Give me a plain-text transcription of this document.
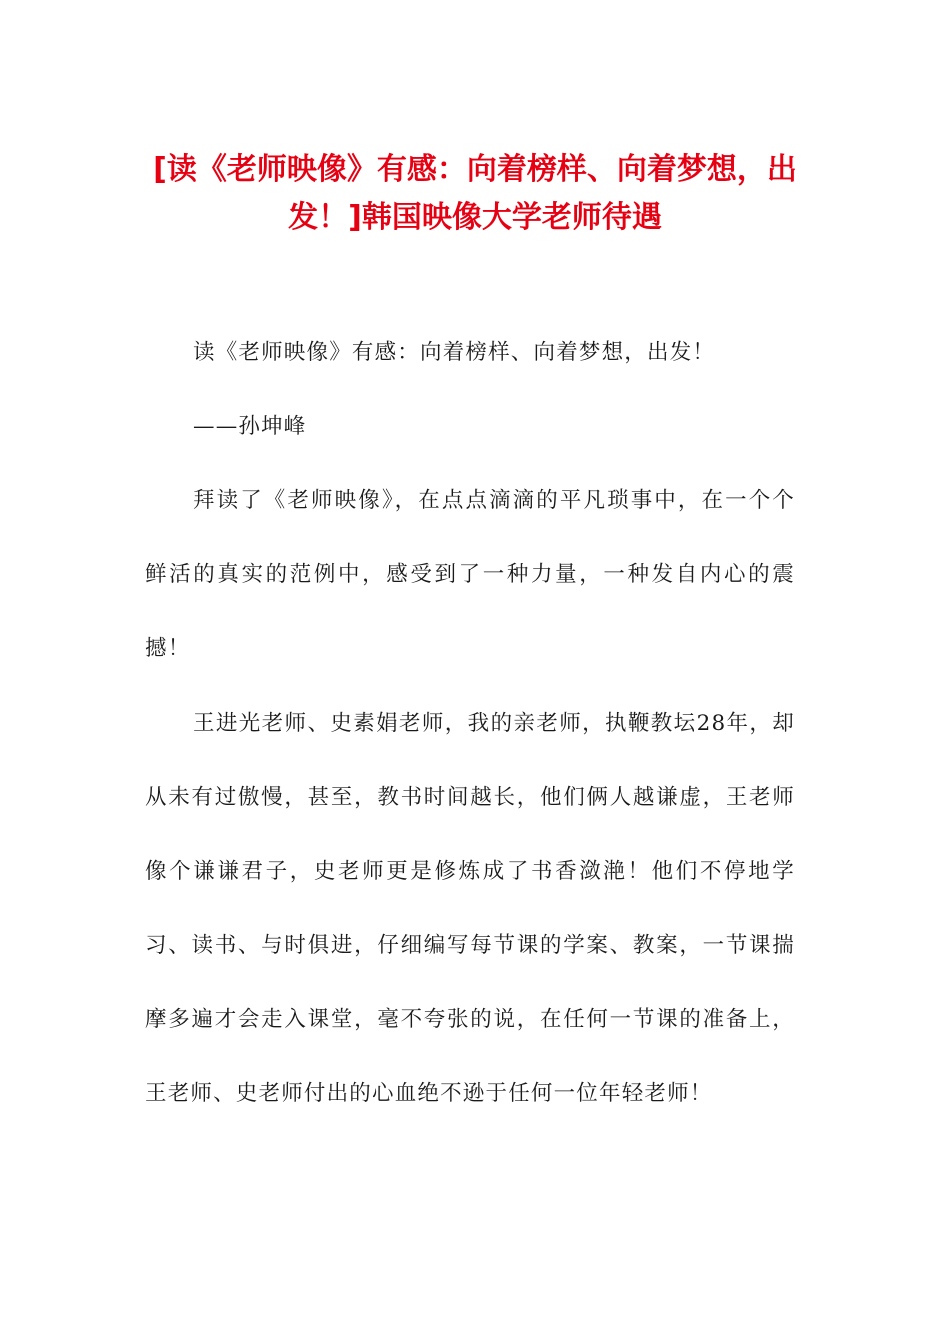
[读《老师映像》有感：向着榜样、向着梦想，出发！]韩国映像大学老师待遇

读《老师映像》有感：向着榜样、向着梦想，出发！

——孙坤峰

拜读了《老师映像》，在点点滴滴的平凡琐事中，在一个个鲜活的真实的范例中，感受到了一种力量，一种发自内心的震撼！

王进光老师、史素娟老师，我的亲老师，执鞭教坛28年，却从未有过傲慢，甚至，教书时间越长，他们俩人越谦虚，王老师像个谦谦君子，史老师更是修炼成了书香潋滟！他们不停地学习、读书、与时俱进，仔细编写每节课的学案、教案，一节课揣摩多遍才会走入课堂，毫不夸张的说，在任何一节课的准备上，王老师、史老师付出的心血绝不逊于任何一位年轻老师！
